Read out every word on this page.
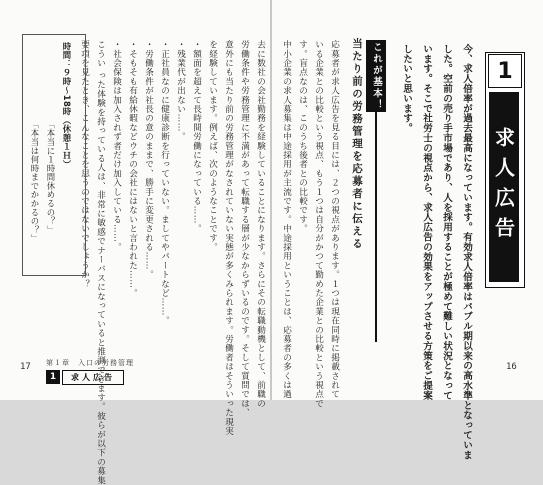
1
求人広告
今、求人倍率が過去最高になっています。有効求人倍率はバブル期以来の高水準となっていま
した。空前の売り手市場であり、人を採用することが極めて難しい状況となって
います。そこで社労士の視点から、求人広告の効果をアップさせる方策をご提案
したいと思います。
これが基本！
当たり前の労務管理を応募者に伝える
応募者が求人広告を見る目には、２つの視点があります。１つは現在同時に掲載されて
いる企業との比較という視点、もう１つは自分がかつて勤めた企業との比較という視点で
す。盲点なのは、このうち後者との比較です。
中小企業の求人募集は中途採用が主流です。中途採用ということは、応募者の多くは過	16
去に数社の会社勤務を経験していることになります。さらにその転職動機として、前職の
労働条件や労務管理に不満があって転職する層が少なからずいるのです。そして質問では、
意外にも当たり前の労務管理がなされていない実態が多くみられます。労働者はそういった現実
を経験しています。例えば、次のようなことです。
・額面を超えて長時間労働になっている……。
・残業代が出ない……。
・正社員なのに健康診断を行っていない。ましてやパートなど……。
・労働条件が社長の意のままで、勝手に変更される……。
・そもそも有給休暇などウチの会社にはないと言われた……。
・社会保険は加入されず者だけ加入している……。
こうい った体験を持っている人は、非常に敏感でナーバスになっていると推測できます。彼らが以下の募集
要項を見たとき、こんなことを思うのではないでしょうか？
時間：９時～18時（休憩１Ｈ）
「本当に１時間休めるの？」
「本当は何時までかかるの？」
17 第１章　入口の労務管理
1	求人広告
